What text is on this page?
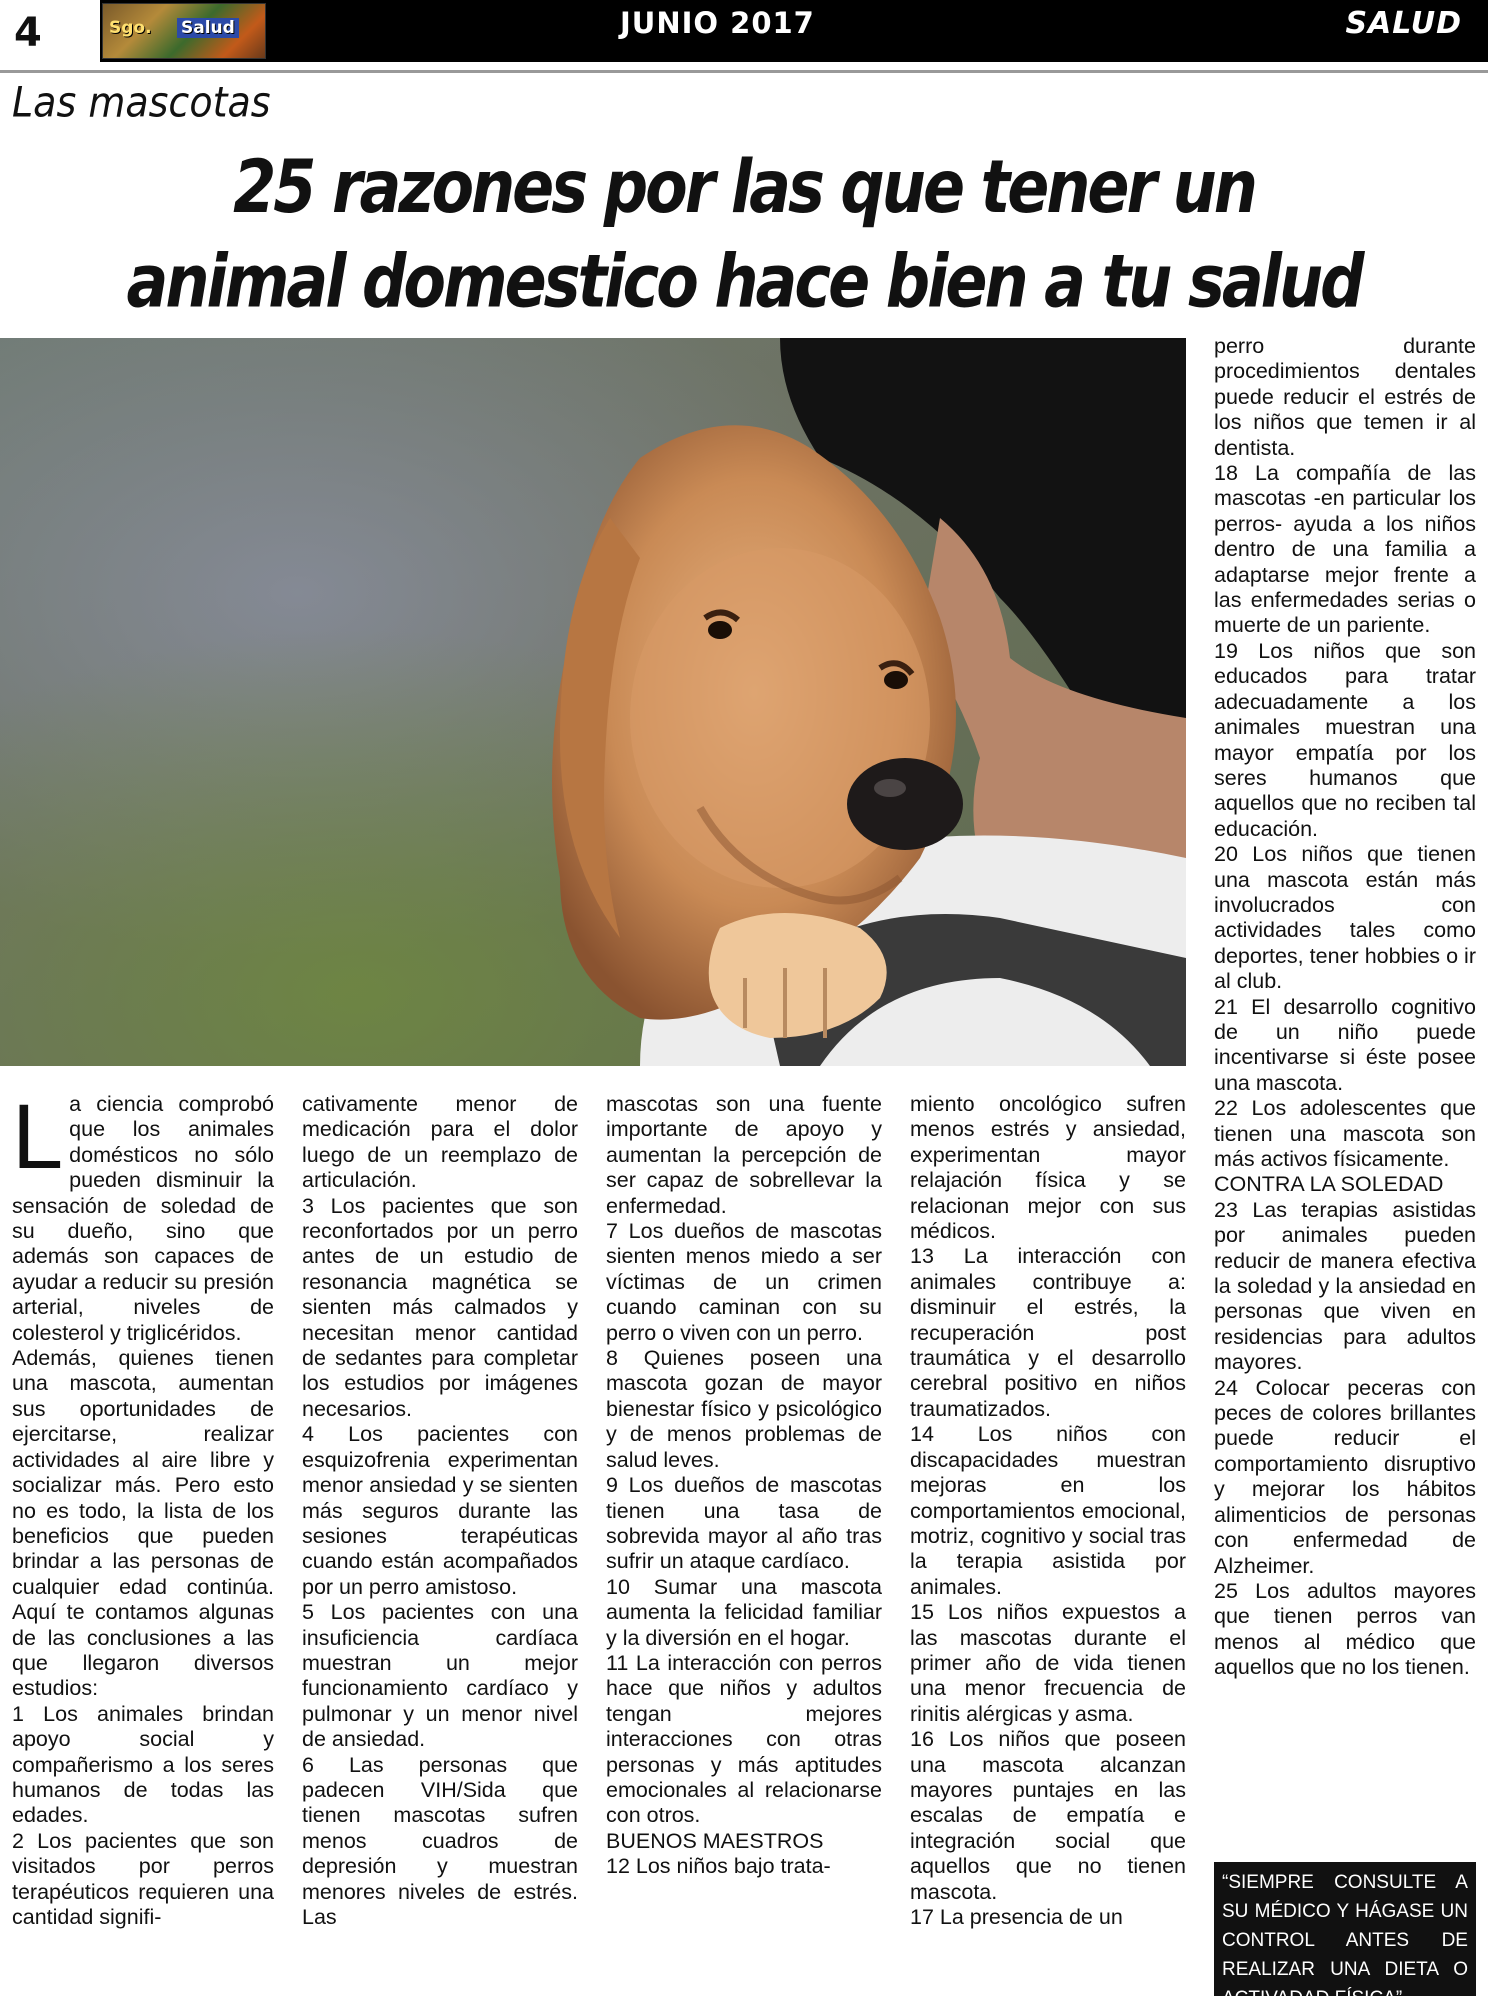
4	Sgo. Salud	JUNIO 2017	SALUD
Las mascotas
25 razones por las que tener un
animal domestico hace bien a tu salud

La ciencia comprobó que los animales domésticos no sólo pueden disminuir la sensación de soledad de su dueño, sino que además son capaces de ayudar a reducir su presión arterial, niveles de colesterol y triglicéridos.
Además, quienes tienen una mascota, aumentan sus oportunidades de ejercitarse, realizar actividades al aire libre y socializar más. Pero esto no es todo, la lista de los beneficios que pueden brindar a las personas de cualquier edad continúa. Aquí te contamos algunas de las conclusiones a las que llegaron diversos estudios:
1 Los animales brindan apoyo social y compañerismo a los seres humanos de todas las edades.
2 Los pacientes que son visitados por perros terapéuticos requieren una cantidad signifi-

cativamente menor de medicación para el dolor luego de un reemplazo de articulación.
3 Los pacientes que son reconfortados por un perro antes de un estudio de resonancia magnética se sienten más calmados y necesitan menor cantidad de sedantes para completar los estudios por imágenes necesarios.
4 Los pacientes con esquizofrenia experimentan menor ansiedad y se sienten más seguros durante las sesiones terapéuticas cuando están acompañados por un perro amistoso.
5 Los pacientes con una insuficiencia cardíaca muestran un mejor funcionamiento cardíaco y pulmonar y un menor nivel de ansiedad.
6 Las personas que padecen VIH/Sida que tienen mascotas sufren menos cuadros de depresión y muestran menores niveles de estrés. Las

mascotas son una fuente importante de apoyo y aumentan la percepción de ser capaz de sobrellevar la enfermedad.
7 Los dueños de mascotas sienten menos miedo a ser víctimas de un crimen cuando caminan con su perro o viven con un perro.
8 Quienes poseen una mascota gozan de mayor bienestar físico y psicológico y de menos problemas de salud leves.
9 Los dueños de mascotas tienen una tasa de sobrevida mayor al año tras sufrir un ataque cardíaco.
10 Sumar una mascota aumenta la felicidad familiar y la diversión en el hogar.
11 La interacción con perros hace que niños y adultos tengan mejores interacciones con otras personas y más aptitudes emocionales al relacionarse con otros.
BUENOS MAESTROS
12 Los niños bajo trata-

miento oncológico sufren menos estrés y ansiedad, experimentan mayor relajación física y se relacionan mejor con sus médicos.
13 La interacción con animales contribuye a: disminuir el estrés, la recuperación post traumática y el desarrollo cerebral positivo en niños traumatizados.
14 Los niños con discapacidades muestran mejoras en los comportamientos emocional, motriz, cognitivo y social tras la terapia asistida por animales.
15 Los niños expuestos a las mascotas durante el primer año de vida tienen una menor frecuencia de rinitis alérgicas y asma.
16 Los niños que poseen una mascota alcanzan mayores puntajes en las escalas de empatía e integración social que aquellos que no tienen mascota.
17 La presencia de un

perro durante procedimientos dentales puede reducir el estrés de los niños que temen ir al dentista.
18 La compañía de las mascotas -en particular los perros- ayuda a los niños dentro de una familia a adaptarse mejor frente a las enfermedades serias o muerte de un pariente.
19 Los niños que son educados para tratar adecuadamente a los animales muestran una mayor empatía por los seres humanos que aquellos que no reciben tal educación.
20 Los niños que tienen una mascota están más involucrados con actividades tales como deportes, tener hobbies o ir al club.
21 El desarrollo cognitivo de un niño puede incentivarse si éste posee una mascota.
22 Los adolescentes que tienen una mascota son más activos físicamente.
CONTRA LA SOLEDAD
23 Las terapias asistidas por animales pueden reducir de manera efectiva la soledad y la ansiedad en personas que viven en residencias para adultos mayores.
24 Colocar peceras con peces de colores brillantes puede reducir el comportamiento disruptivo y mejorar los hábitos alimenticios de personas con enfermedad de Alzheimer.
25 Los adultos mayores que tienen perros van menos al médico que aquellos que no los tienen.

“SIEMPRE CONSULTE A SU MÉDICO Y HÁGASE UN CONTROL ANTES DE REALIZAR UNA DIETA O ACTIVADAD FÍSICA”
